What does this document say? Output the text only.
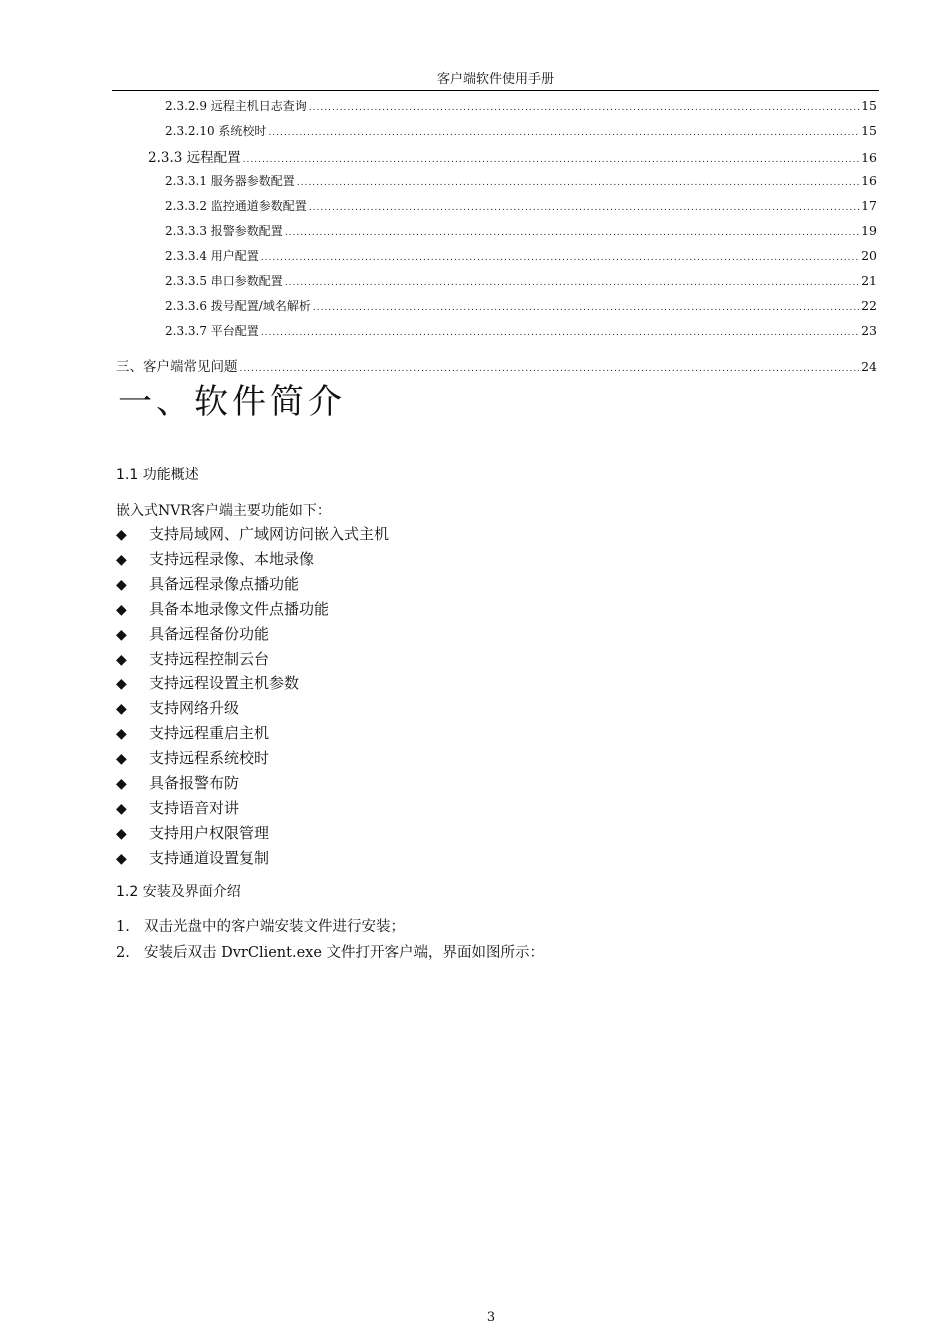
客户端软件使用手册
2.3.2.9 远程主机日志查询 .....	15
2.3.2.10 系统校时 .....	15
2.3.3 远程配置 .....	16
2.3.3.1 服务器参数配置 .....	16
2.3.3.2 监控通道参数配置 .....	17
2.3.3.3 报警参数配置 .....	19
2.3.3.4 用户配置 .....	20
2.3.3.5 串口参数配置 .....	21
2.3.3.6 拨号配置/域名解析 .....	22
2.3.3.7 平台配置 .....	23
三、客户端常见问题 .....	24
一、软件简介
1.1 功能概述
嵌入式NVR客户端主要功能如下：
◆ 支持局域网、广域网访问嵌入式主机
◆ 支持远程录像、本地录像
◆ 具备远程录像点播功能
◆ 具备本地录像文件点播功能
◆ 具备远程备份功能
◆ 支持远程控制云台
◆ 支持远程设置主机参数
◆ 支持网络升级
◆ 支持远程重启主机
◆ 支持远程系统校时
◆ 具备报警布防
◆ 支持语音对讲
◆ 支持用户权限管理
◆ 支持通道设置复制
1.2 安装及界面介绍
1. 双击光盘中的客户端安装文件进行安装；
2. 安装后双击 DvrClient.exe 文件打开客户端，界面如图所示：
3
